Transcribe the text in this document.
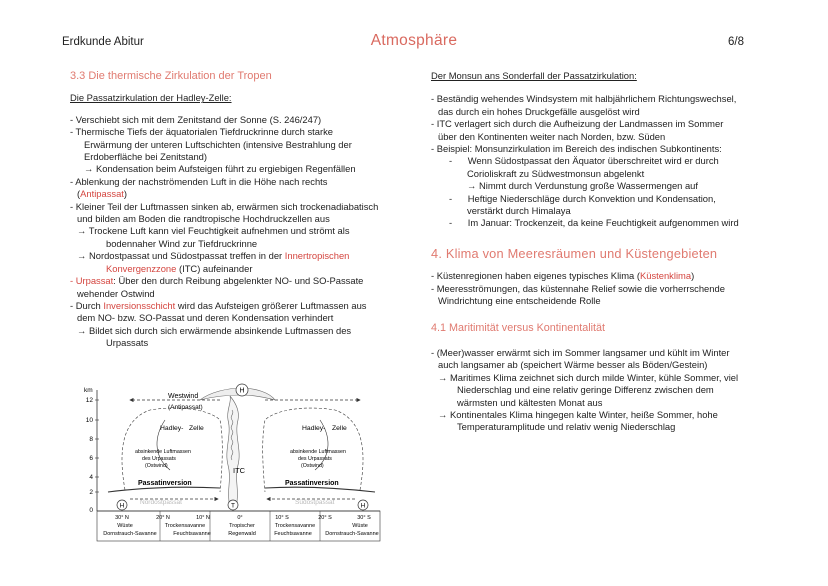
Erdkunde Abitur	Atmosphäre	6/8

3.3 Die thermische Zirkulation der Tropen

Die Passatzirkulation der Hadley-Zelle:

- Verschiebt sich mit dem Zenitstand der Sonne (S. 246/247)

- Thermische Tiefs der äquatorialen Tiefdruckrinne durch starke

Erwärmung der unteren Luftschichten (intensive Bestrahlung der

Erdoberfläche bei Zenitstand)

→ Kondensation beim Aufsteigen führt zu ergiebigen Regenfällen

- Ablenkung der nachströmenden Luft in die Höhe nach rechts

(Antipassat)

- Kleiner Teil der Luftmassen sinken ab, erwärmen sich trockenadiabatisch

und bilden am Boden die randtropische Hochdruckzellen aus

→ Trockene Luft kann viel Feuchtigkeit aufnehmen und strömt als

bodennaher Wind zur Tiefdruckrinne

→ Nordostpassat und Südostpassat treffen in der Innertropischen

Konvergenzzone (ITC) aufeinander

- Urpassat: Über den durch Reibung abgelenkter NO- und SO-Passate

wehender Ostwind

- Durch Inversionsschicht wird das Aufsteigen größerer Luftmassen aus

dem NO- bzw. SO-Passat und deren Kondensation verhindert

→ Bildet sich durch sich erwärmende absinkende Luftmassen des

Urpassats

Der Monsun ans Sonderfall der Passatzirkulation:

- Beständig wehendes Windsystem mit halbjährlichem Richtungswechsel,

das durch ein hohes Druckgefälle ausgelöst wird

- ITC verlagert sich durch die Aufheizung der Landmassen im Sommer

über den Kontinenten weiter nach Norden, bzw. Süden

- Beispiel: Monsunzirkulation im Bereich des indischen Subkontinents:

-      Wenn Südostpassat den Äquator überschreitet wird er durch

Corioliskraft zu Südwestmonsun abgelenkt

→ Nimmt durch Verdunstung große Wassermengen auf

-      Heftige Niederschläge durch Konvektion und Kondensation,

verstärkt durch Himalaya

-      Im Januar: Trockenzeit, da keine Feuchtigkeit aufgenommen wird

4. Klima von Meeresräumen und Küstengebieten

- Küstenregionen haben eigenes typisches Klima (Küstenklima)

- Meeresströmungen, das küstennahe Relief sowie die vorherrschende

Windrichtung eine entscheidende Rolle

4.1 Maritimität versus Kontinentalität

- (Meer)wasser erwärmt sich im Sommer langsamer und kühlt im Winter

auch langsamer ab (speichert Wärme besser als Böden/Gestein)

→ Maritimes Klima zeichnet sich durch milde Winter, kühle Sommer, viel

Niederschlag und eine relativ geringe Differenz zwischen dem

wärmsten und kältesten Monat aus

→ Kontinentales Klima hingegen kalte Winter, heiße Sommer, hohe

Temperaturamplitude und relativ wenig Niederschlag

km
12
10
8
6
4
2
0
H
ITC
Westwind
(Antipassat)
Hadley- Zelle	Hadley- Zelle
absinkende Luftmassen
des Urpassats
(Ostwind)
absinkende Luftmassen
des Urpassats
(Ostwind)
Passatinversion	Passatinversion
Nordostpassat	Südostpassat
H	H
T
30° N	20° N	10° N	0°	10° S	20° S	30° S
Wüste
Dornstrauch-Savanne
Trockensavanne
Feuchtsavanne
Tropischer
Regenwald
Trockensavanne
Feuchtsavanne
Wüste
Dornstrauch-Savanne
